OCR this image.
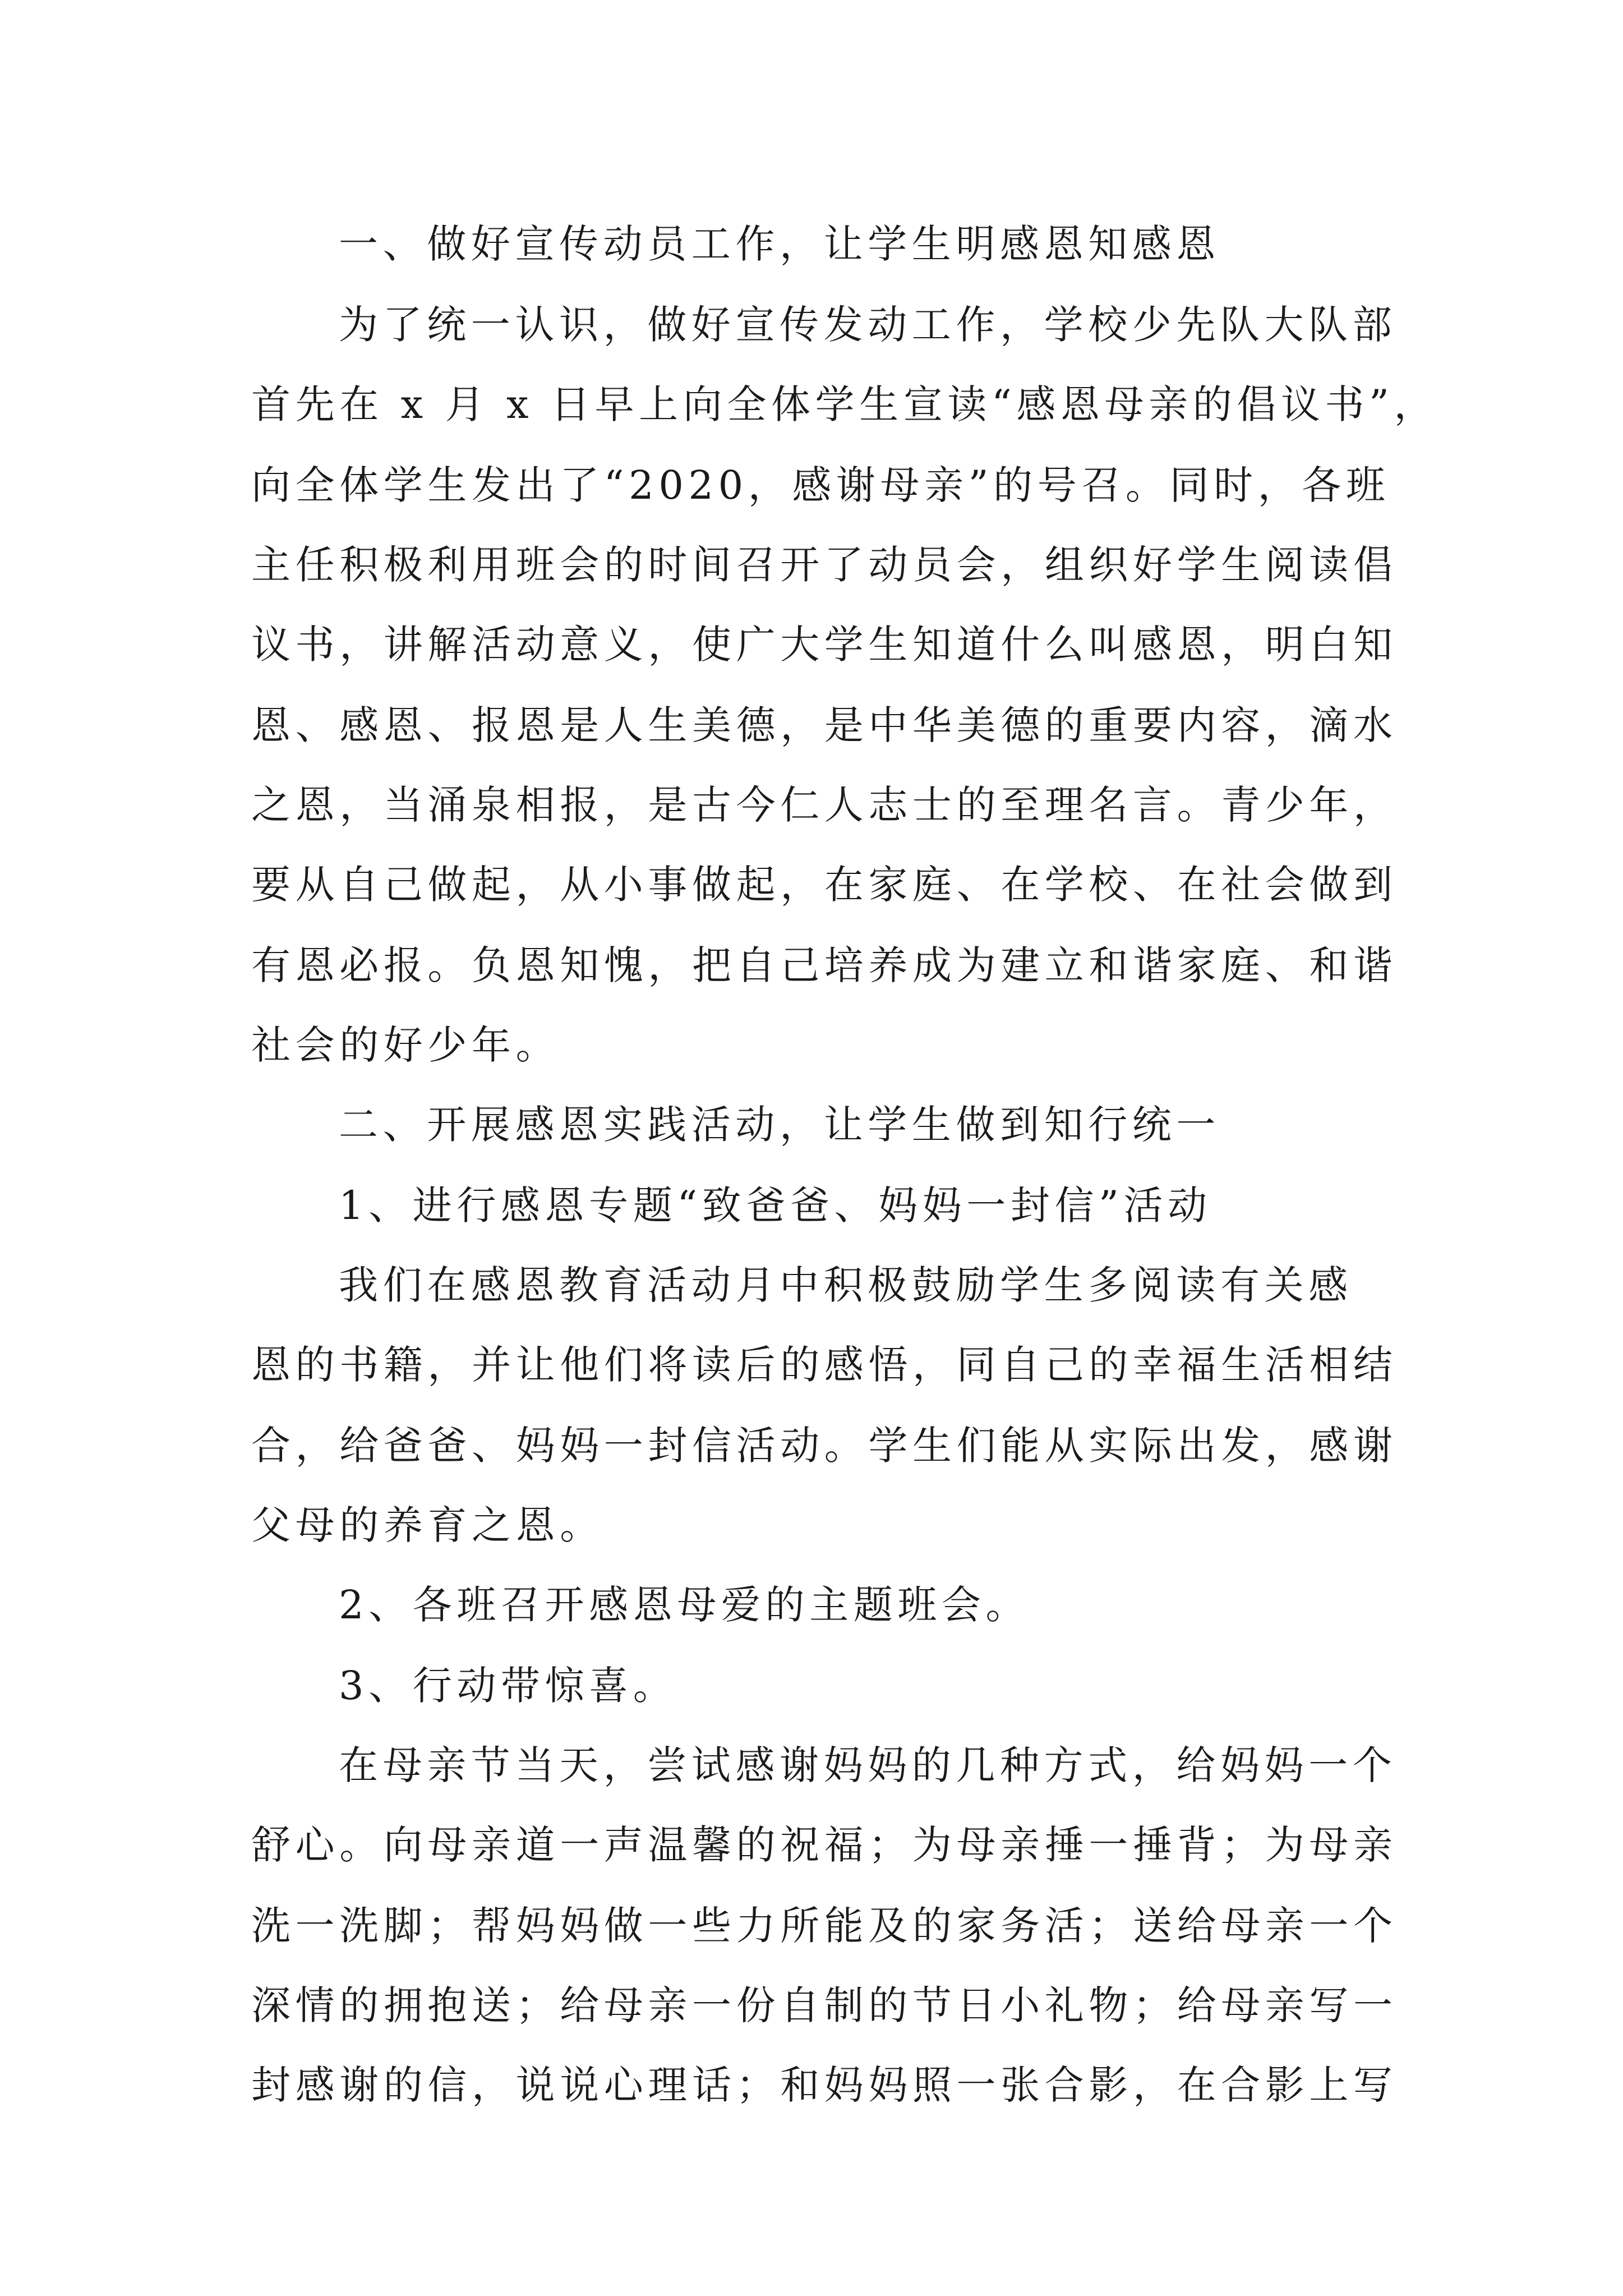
一、做好宣传动员工作，让学生明感恩知感恩
为了统一认识，做好宣传发动工作，学校少先队大队部
首先在 x 月 x 日早上向全体学生宣读“感恩母亲的倡议书”，
向全体学生发出了“2020，感谢母亲”的号召。同时，各班
主任积极利用班会的时间召开了动员会，组织好学生阅读倡
议书，讲解活动意义，使广大学生知道什么叫感恩，明白知
恩、感恩、报恩是人生美德，是中华美德的重要内容，滴水
之恩，当涌泉相报，是古今仁人志士的至理名言。青少年，
要从自己做起，从小事做起，在家庭、在学校、在社会做到
有恩必报。负恩知愧，把自己培养成为建立和谐家庭、和谐
社会的好少年。
二、开展感恩实践活动，让学生做到知行统一
1、进行感恩专题“致爸爸、妈妈一封信”活动
我们在感恩教育活动月中积极鼓励学生多阅读有关感
恩的书籍，并让他们将读后的感悟，同自己的幸福生活相结
合，给爸爸、妈妈一封信活动。学生们能从实际出发，感谢
父母的养育之恩。
2、各班召开感恩母爱的主题班会。
3、行动带惊喜。
在母亲节当天，尝试感谢妈妈的几种方式，给妈妈一个
舒心。向母亲道一声温馨的祝福；为母亲捶一捶背；为母亲
洗一洗脚；帮妈妈做一些力所能及的家务活；送给母亲一个
深情的拥抱送；给母亲一份自制的节日小礼物；给母亲写一
封感谢的信，说说心理话；和妈妈照一张合影，在合影上写
